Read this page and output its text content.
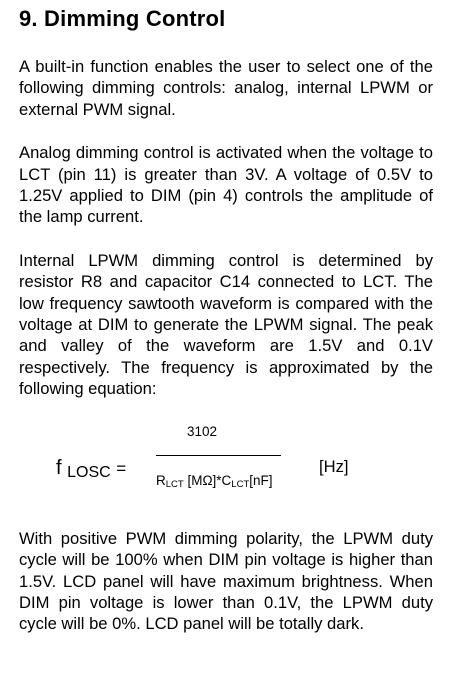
9. Dimming Control

A built-in function enables the user to select one of the following dimming controls: analog, internal LPWM or external PWM signal.

Analog dimming control is activated when the voltage to LCT (pin 11) is greater than 3V. A voltage of 0.5V to 1.25V applied to DIM (pin 4) controls the amplitude of the lamp current.

Internal LPWM dimming control is determined by resistor R8 and capacitor C14 connected to LCT. The low frequency sawtooth waveform is compared with the voltage at DIM to generate the LPWM signal. The peak and valley of the waveform are 1.5V and 0.1V respectively. The frequency is approximated by the following equation:

f LOSC =
3102
$R_{LCT}$ $[M\Omega]*C_{LCT}[nF]$
[Hz]

With positive PWM dimming polarity, the LPWM duty cycle will be 100% when DIM pin voltage is higher than 1.5V. LCD panel will have maximum brightness. When DIM pin voltage is lower than 0.1V, the LPWM duty cycle will be 0%. LCD panel will be totally dark.
